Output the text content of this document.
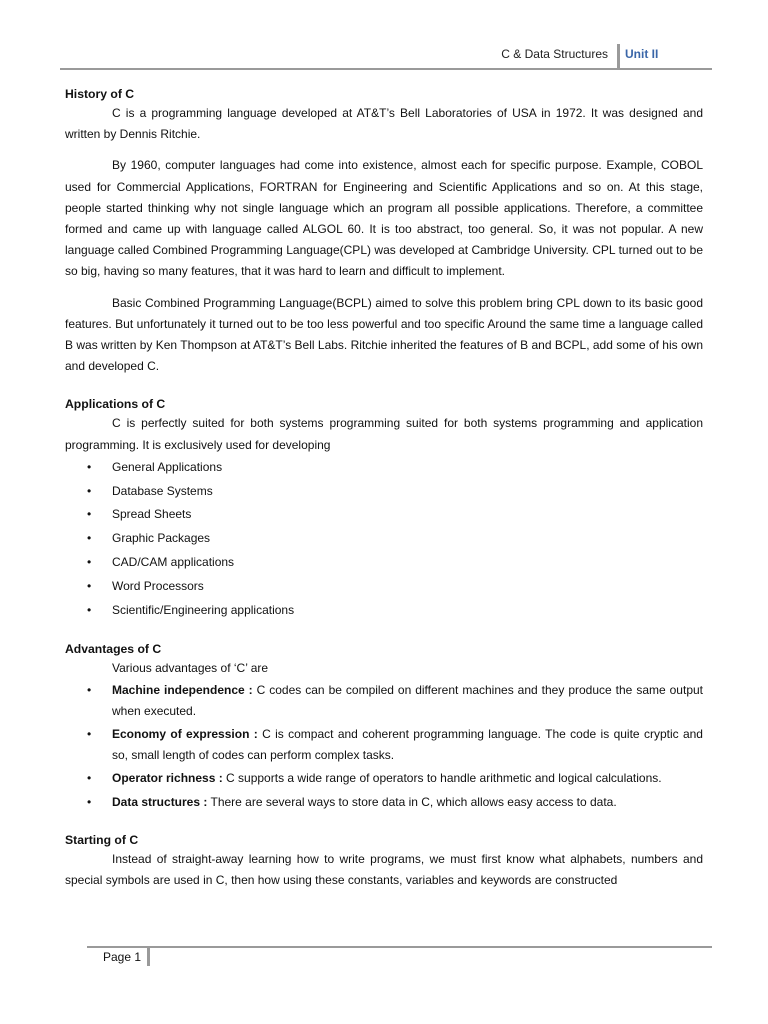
C & Data Structures Unit II
History of C

C is a programming language developed at AT&T’s Bell Laboratories of USA in 1972. It was designed and written by Dennis Ritchie.

By 1960, computer languages had come into existence, almost each for specific purpose. Example, COBOL used for Commercial Applications, FORTRAN for Engineering and Scientific Applications and so on. At this stage, people started thinking why not single language which an program all possible applications. Therefore, a committee formed and came up with language called ALGOL 60. It is too abstract, too general. So, it was not popular. A new language called Combined Programming Language(CPL) was developed at Cambridge University. CPL turned out to be so big, having so many features, that it was hard to learn and difficult to implement.

Basic Combined Programming Language(BCPL) aimed to solve this problem bring CPL down to its basic good features. But unfortunately it turned out to be too less powerful and too specific Around the same time a language called B was written by Ken Thompson at AT&T’s Bell Labs. Ritchie inherited the features of B and BCPL, add some of his own and developed C.

Applications of C

C is perfectly suited for both systems programming suited for both systems programming and application programming. It is exclusively used for developing

• General Applications
• Database Systems
• Spread Sheets
• Graphic Packages
• CAD/CAM applications
• Word Processors
• Scientific/Engineering applications
Advantages of C

Various advantages of ‘C’ are

• Machine independence : C codes can be compiled on different machines and they produce the same output when executed.
• Economy of expression : C is compact and coherent programming language. The code is quite cryptic and so, small length of codes can perform complex tasks.
• Operator richness : C supports a wide range of operators to handle arithmetic and logical calculations.
• Data structures : There are several ways to store data in C, which allows easy access to data.
Starting of C

Instead of straight-away learning how to write programs, we must first know what alphabets, numbers and special symbols are used in C, then how using these constants, variables and keywords are constructed

Page 1
